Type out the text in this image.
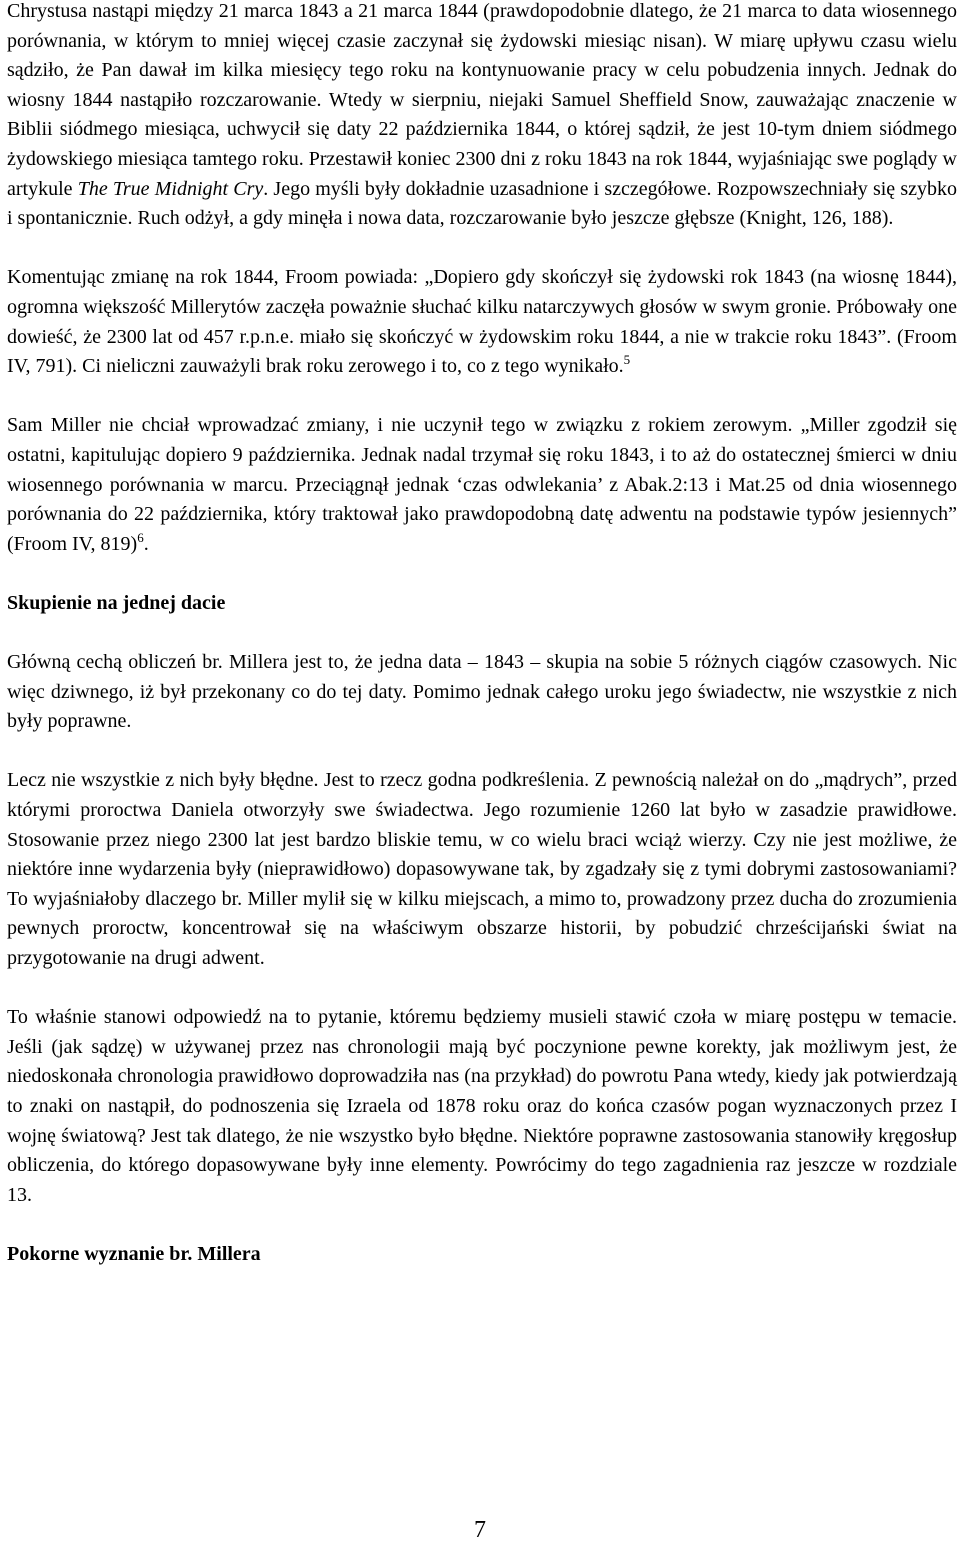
Chrystusa nastąpi między 21 marca 1843 a 21 marca 1844 (prawdopodobnie dlatego, że 21 marca to data wiosennego porównania, w którym to mniej więcej czasie zaczynał się żydowski miesiąc nisan). W miarę upływu czasu wielu sądziło, że Pan dawał im kilka miesięcy tego roku na kontynuowanie pracy w celu pobudzenia innych. Jednak do wiosny 1844 nastąpiło rozczarowanie. Wtedy w sierpniu, niejaki Samuel Sheffield Snow, zauważając znaczenie w Biblii siódmego miesiąca, uchwycił się daty 22 października 1844, o której sądził, że jest 10-tym dniem siódmego żydowskiego miesiąca tamtego roku. Przestawił koniec 2300 dni z roku 1843 na rok 1844, wyjaśniając swe poglądy w artykule The True Midnight Cry. Jego myśli były dokładnie uzasadnione i szczegółowe. Rozpowszechniały się szybko i spontanicznie. Ruch odżył, a gdy minęła i nowa data, rozczarowanie było jeszcze głębsze (Knight, 126, 188).

Komentując zmianę na rok 1844, Froom powiada: „Dopiero gdy skończył się żydowski rok 1843 (na wiosnę 1844), ogromna większość Millerytów zaczęła poważnie słuchać kilku natarczywych głosów w swym gronie. Próbowały one dowieść, że 2300 lat od 457 r.p.n.e. miało się skończyć w żydowskim roku 1844, a nie w trakcie roku 1843”. (Froom IV, 791). Ci nieliczni zauważyli brak roku zerowego i to, co z tego wynikało.$^5$

Sam Miller nie chciał wprowadzać zmiany, i nie uczynił tego w związku z rokiem zerowym. „Miller zgodził się ostatni, kapitulując dopiero 9 października. Jednak nadal trzymał się roku 1843, i to aż do ostatecznej śmierci w dniu wiosennego porównania w marcu. Przeciągnął jednak ‘czas odwlekania’ z Abak.2:13 i Mat.25 od dnia wiosennego porównania do 22 października, który traktował jako prawdopodobną datę adwentu na podstawie typów jesiennych” (Froom IV, 819)$^6$.

Skupienie na jednej dacie

Główną cechą obliczeń br. Millera jest to, że jedna data – 1843 – skupia na sobie 5 różnych ciągów czasowych. Nic więc dziwnego, iż był przekonany co do tej daty. Pomimo jednak całego uroku jego świadectw, nie wszystkie z nich były poprawne.

Lecz nie wszystkie z nich były błędne. Jest to rzecz godna podkreślenia. Z pewnością należał on do „mądrych”, przed którymi proroctwa Daniela otworzyły swe świadectwa. Jego rozumienie 1260 lat było w zasadzie prawidłowe. Stosowanie przez niego 2300 lat jest bardzo bliskie temu, w co wielu braci wciąż wierzy. Czy nie jest możliwe, że niektóre inne wydarzenia były (nieprawidłowo) dopasowywane tak, by zgadzały się z tymi dobrymi zastosowaniami? To wyjaśniałoby dlaczego br. Miller mylił się w kilku miejscach, a mimo to, prowadzony przez ducha do zrozumienia pewnych proroctw, koncentrował się na właściwym obszarze historii, by pobudzić chrześcijański świat na przygotowanie na drugi adwent.

To właśnie stanowi odpowiedź na to pytanie, któremu będziemy musieli stawić czoła w miarę postępu w temacie. Jeśli (jak sądzę) w używanej przez nas chronologii mają być poczynione pewne korekty, jak możliwym jest, że niedoskonała chronologia prawidłowo doprowadziła nas (na przykład) do powrotu Pana wtedy, kiedy jak potwierdzają to znaki on nastąpił, do podnoszenia się Izraela od 1878 roku oraz do końca czasów pogan wyznaczonych przez I wojnę światową? Jest tak dlatego, że nie wszystko było błędne. Niektóre poprawne zastosowania stanowiły kręgosłup obliczenia, do którego dopasowywane były inne elementy. Powrócimy do tego zagadnienia raz jeszcze w rozdziale 13.

Pokorne wyznanie br. Millera

7
